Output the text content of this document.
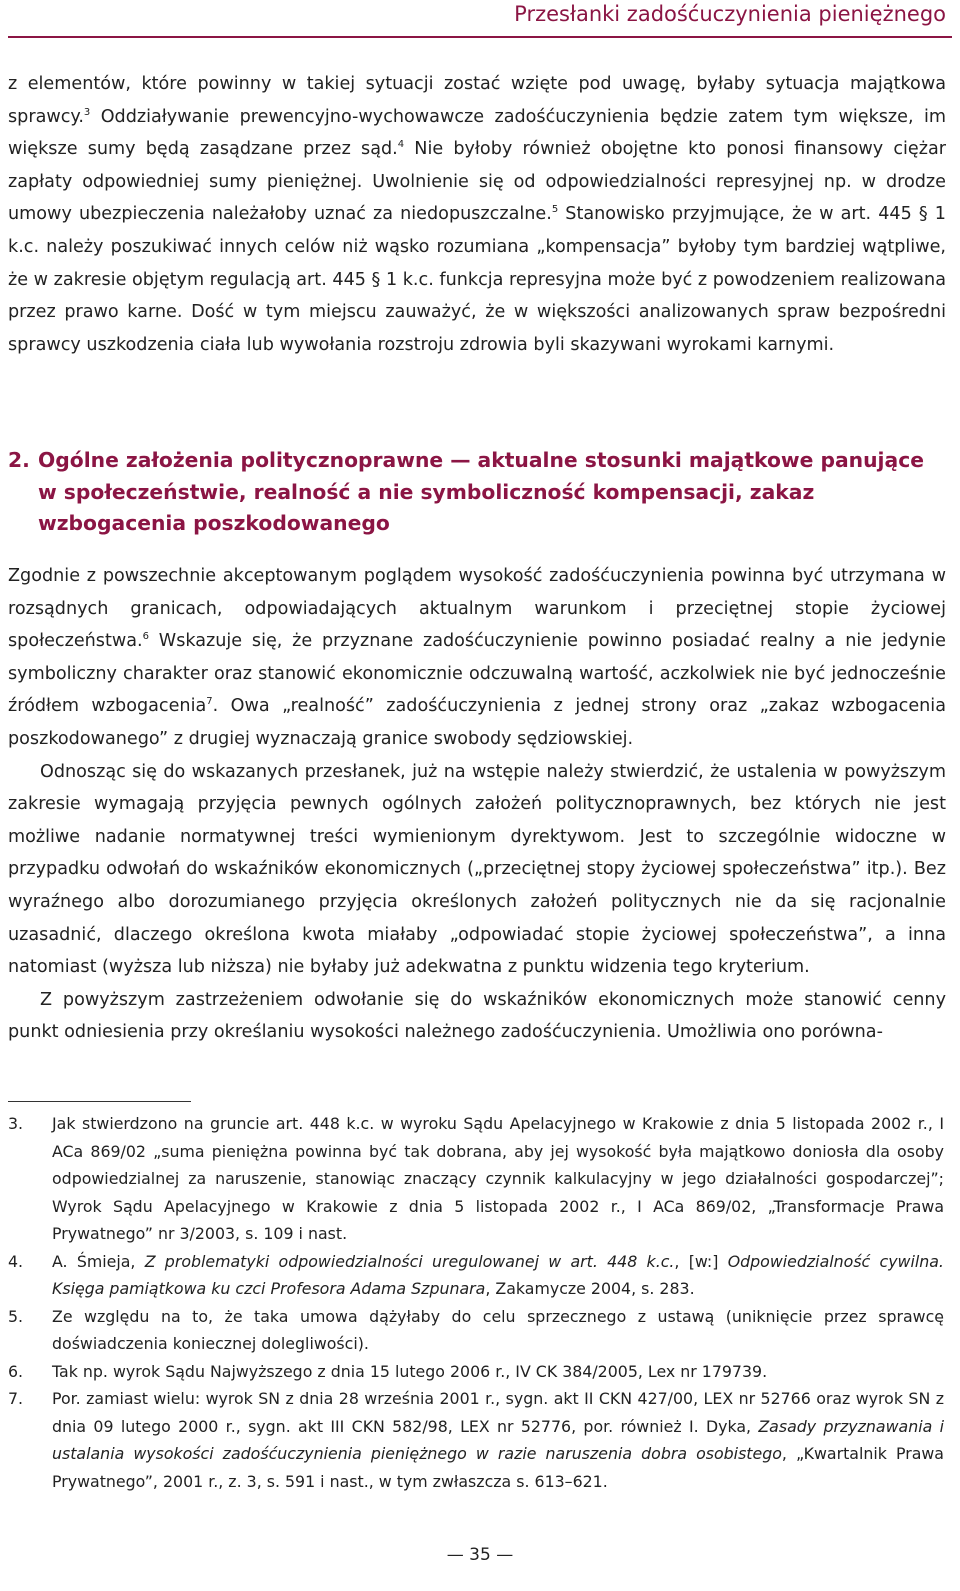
Przesłanki zadośćuczynienia pieniężnego

z elementów, które powinny w takiej sytuacji zostać wzięte pod uwagę, byłaby sytuacja majątkowa sprawcy.$^3$ Oddziaływanie prewencyjno-wychowawcze zadośćuczynienia będzie zatem tym większe, im większe sumy będą zasądzane przez sąd.$^4$ Nie byłoby również obojętne kto ponosi finansowy ciężar zapłaty odpowiedniej sumy pieniężnej. Uwolnienie się od odpowiedzialności represyjnej np. w drodze umowy ubezpieczenia należałoby uznać za niedopuszczalne.$^5$ Stanowisko przyjmujące, że w art. 445 § 1 k.c. należy poszukiwać innych celów niż wąsko rozumiana „kompensacja” byłoby tym bardziej wątpliwe, że w zakresie objętym regulacją art. 445 § 1 k.c. funkcja represyjna może być z powodzeniem realizowana przez prawo karne. Dość w tym miejscu zauważyć, że w większości analizowanych spraw bezpośredni sprawcy uszkodzenia ciała lub wywołania rozstroju zdrowia byli skazywani wyrokami karnymi.

2. Ogólne założenia politycznoprawne — aktualne stosunki majątkowe panujące w społeczeństwie, realność a nie symboliczność kompensacji, zakaz wzbogacenia poszkodowanego

Zgodnie z powszechnie akceptowanym poglądem wysokość zadośćuczynienia powinna być utrzymana w rozsądnych granicach, odpowiadających aktualnym warunkom i przeciętnej stopie życiowej społeczeństwa.$^6$ Wskazuje się, że przyznane zadośćuczynienie powinno posiadać realny a nie jedynie symboliczny charakter oraz stanowić ekonomicznie odczuwalną wartość, aczkolwiek nie być jednocześnie źródłem wzbogacenia$^7$. Owa „realność” zadośćuczynienia z jednej strony oraz „zakaz wzbogacenia poszkodowanego” z drugiej wyznaczają granice swobody sędziowskiej.

Odnosząc się do wskazanych przesłanek, już na wstępie należy stwierdzić, że ustalenia w powyższym zakresie wymagają przyjęcia pewnych ogólnych założeń politycznoprawnych, bez których nie jest możliwe nadanie normatywnej treści wymienionym dyrektywom. Jest to szczególnie widoczne w przypadku odwołań do wskaźników ekonomicznych („przeciętnej stopy życiowej społeczeństwa” itp.). Bez wyraźnego albo dorozumianego przyjęcia określonych założeń politycznych nie da się racjonalnie uzasadnić, dlaczego określona kwota miałaby „odpowiadać stopie życiowej społeczeństwa”, a inna natomiast (wyższa lub niższa) nie byłaby już adekwatna z punktu widzenia tego kryterium.

Z powyższym zastrzeżeniem odwołanie się do wskaźników ekonomicznych może stanowić cenny punkt odniesienia przy określaniu wysokości należnego zadośćuczynienia. Umożliwia ono porówna-

3.	Jak stwierdzono na gruncie art. 448 k.c. w wyroku Sądu Apelacyjnego w Krakowie z dnia 5 listopada 2002 r., I ACa 869/02 „suma pieniężna powinna być tak dobrana, aby jej wysokość była majątkowo doniosła dla osoby odpowiedzialnej za naruszenie, stanowiąc znaczący czynnik kalkulacyjny w jego działalności gospodarczej”; Wyrok Sądu Apelacyjnego w Krakowie z dnia 5 listopada 2002 r., I ACa 869/02, „Transformacje Prawa Prywatnego” nr 3/2003, s. 109 i nast.
4.	A. Śmieja, Z problematyki odpowiedzialności uregulowanej w art. 448 k.c., [w:] Odpowiedzialność cywilna. Księga pamiątkowa ku czci Profesora Adama Szpunara, Zakamycze 2004, s. 283.
5.	Ze względu na to, że taka umowa dążyłaby do celu sprzecznego z ustawą (uniknięcie przez sprawcę doświadczenia koniecznej dolegliwości).
6.	Tak np. wyrok Sądu Najwyższego z dnia 15 lutego 2006 r., IV CK 384/2005, Lex nr 179739.
7.	Por. zamiast wielu: wyrok SN z dnia 28 września 2001 r., sygn. akt II CKN 427/00, LEX nr 52766 oraz wyrok SN z dnia 09 lutego 2000 r., sygn. akt III CKN 582/98, LEX nr 52776, por. również I. Dyka, Zasady przyznawania i ustalania wysokości zadośćuczynienia pieniężnego w razie naruszenia dobra osobistego, „Kwartalnik Prawa Prywatnego”, 2001 r., z. 3, s. 591 i nast., w tym zwłaszcza s. 613–621.
— 35 —
